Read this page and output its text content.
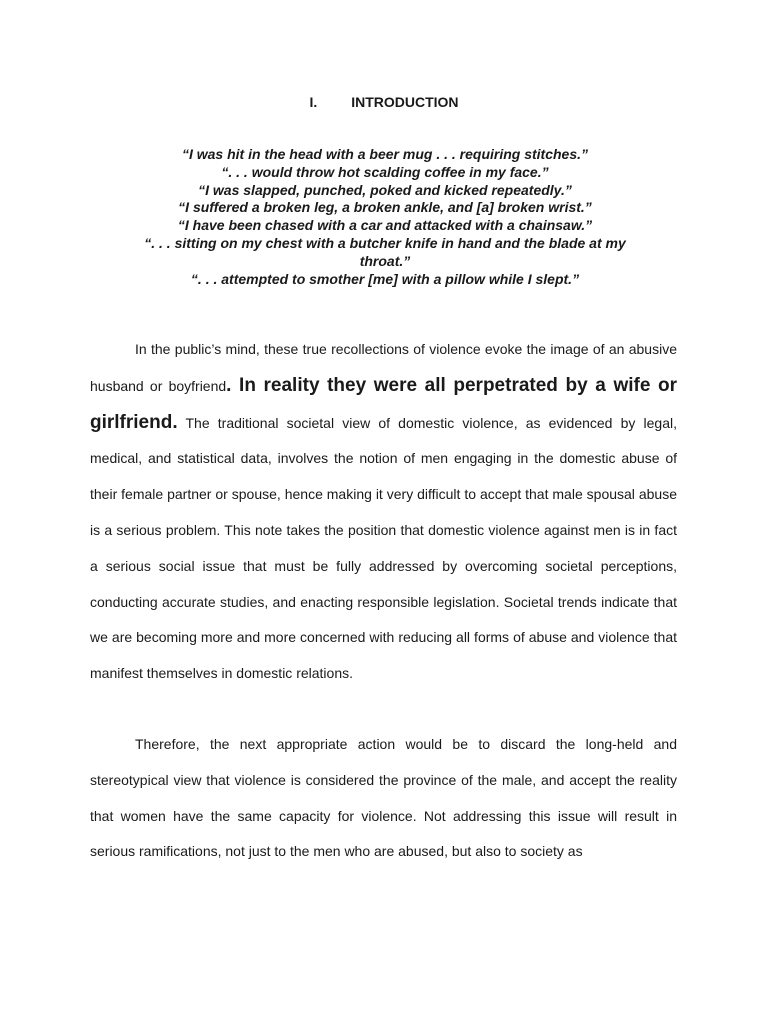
I. INTRODUCTION
“I was hit in the head with a beer mug . . . requiring stitches.”
“. . . would throw hot scalding coffee in my face.”
“I was slapped, punched, poked and kicked repeatedly.”
“I suffered a broken leg, a broken ankle, and [a] broken wrist.”
“I have been chased with a car and attacked with a chainsaw.”
“. . . sitting on my chest with a butcher knife in hand and the blade at my throat.”
“. . . attempted to smother [me] with a pillow while I slept.”

In the public’s mind, these true recollections of violence evoke the image of an abusive husband or boyfriend. In reality they were all perpetrated by a wife or girlfriend. The traditional societal view of domestic violence, as evidenced by legal, medical, and statistical data, involves the notion of men engaging in the domestic abuse of their female partner or spouse, hence making it very difficult to accept that male spousal abuse is a serious problem. This note takes the position that domestic violence against men is in fact a serious social issue that must be fully addressed by overcoming societal perceptions, conducting accurate studies, and enacting responsible legislation. Societal trends indicate that we are becoming more and more concerned with reducing all forms of abuse and violence that manifest themselves in domestic relations.

Therefore, the next appropriate action would be to discard the long-held and stereotypical view that violence is considered the province of the male, and accept the reality that women have the same capacity for violence. Not addressing this issue will result in serious ramifications, not just to the men who are abused, but also to society as
